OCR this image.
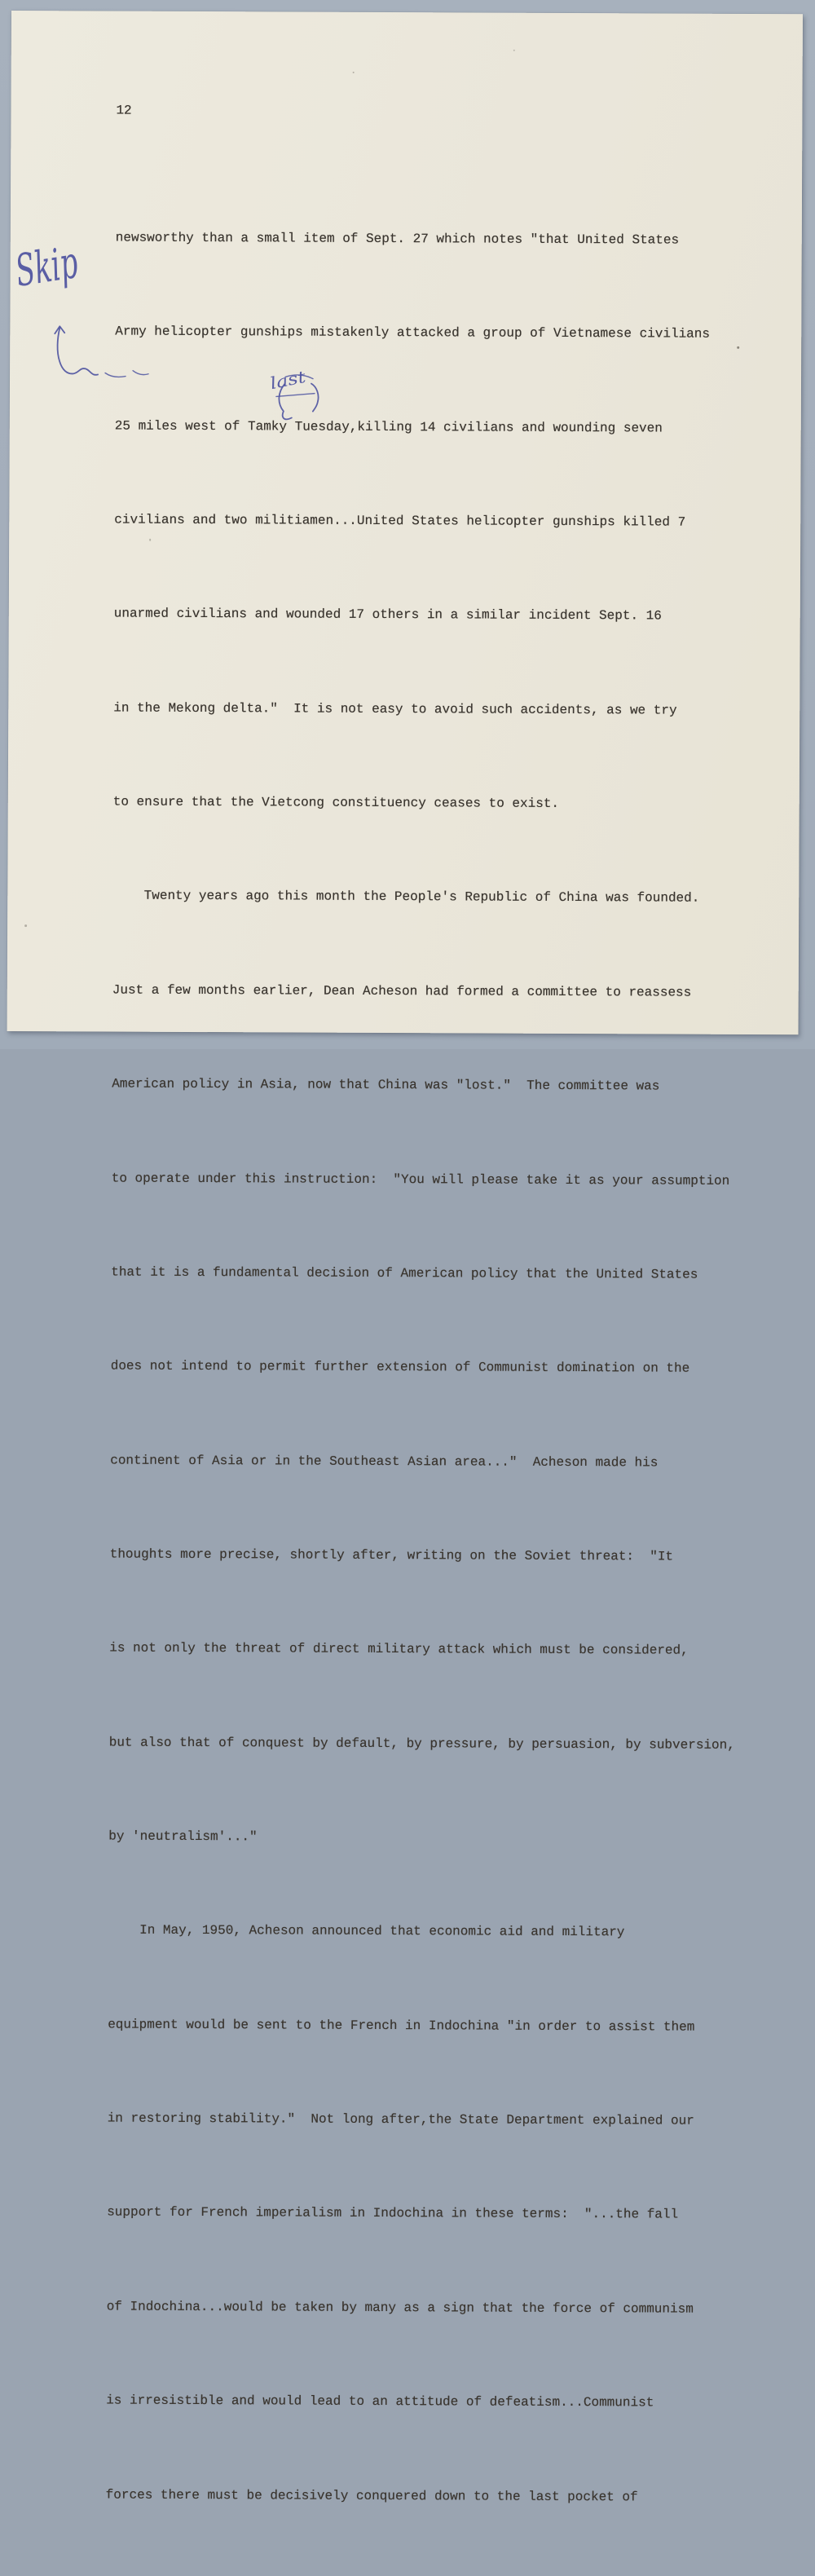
12

newsworthy than a small item of Sept. 27 which notes "that United States

Army helicopter gunships mistakenly attacked a group of Vietnamese civilians

25 miles west of Tamky Tuesday,killing 14 civilians and wounding seven

civilians and two militiamen...United States helicopter gunships killed 7

unarmed civilians and wounded 17 others in a similar incident Sept. 16

in the Mekong delta."  It is not easy to avoid such accidents, as we try

to ensure that the Vietcong constituency ceases to exist.

Twenty years ago this month the People's Republic of China was founded.

Just a few months earlier, Dean Acheson had formed a committee to reassess

American policy in Asia, now that China was "lost."  The committee was

to operate under this instruction:  "You will please take it as your assumption

that it is a fundamental decision of American policy that the United States

does not intend to permit further extension of Communist domination on the

continent of Asia or in the Southeast Asian area..."  Acheson made his

thoughts more precise, shortly after, writing on the Soviet threat:  "It

is not only the threat of direct military attack which must be considered,

but also that of conquest by default, by pressure, by persuasion, by subversion,

by 'neutralism'..."

In May, 1950, Acheson announced that economic aid and military

equipment would be sent to the French in Indochina "in order to assist them

in restoring stability."  Not long after,the State Department explained our

support for French imperialism in Indochina in these terms:  "...the fall

of Indochina...would be taken by many as a sign that the force of communism

is irresistible and would lead to an attitude of defeatism...Communist

forces there must be decisively conquered down to the last pocket of

Skip
last
